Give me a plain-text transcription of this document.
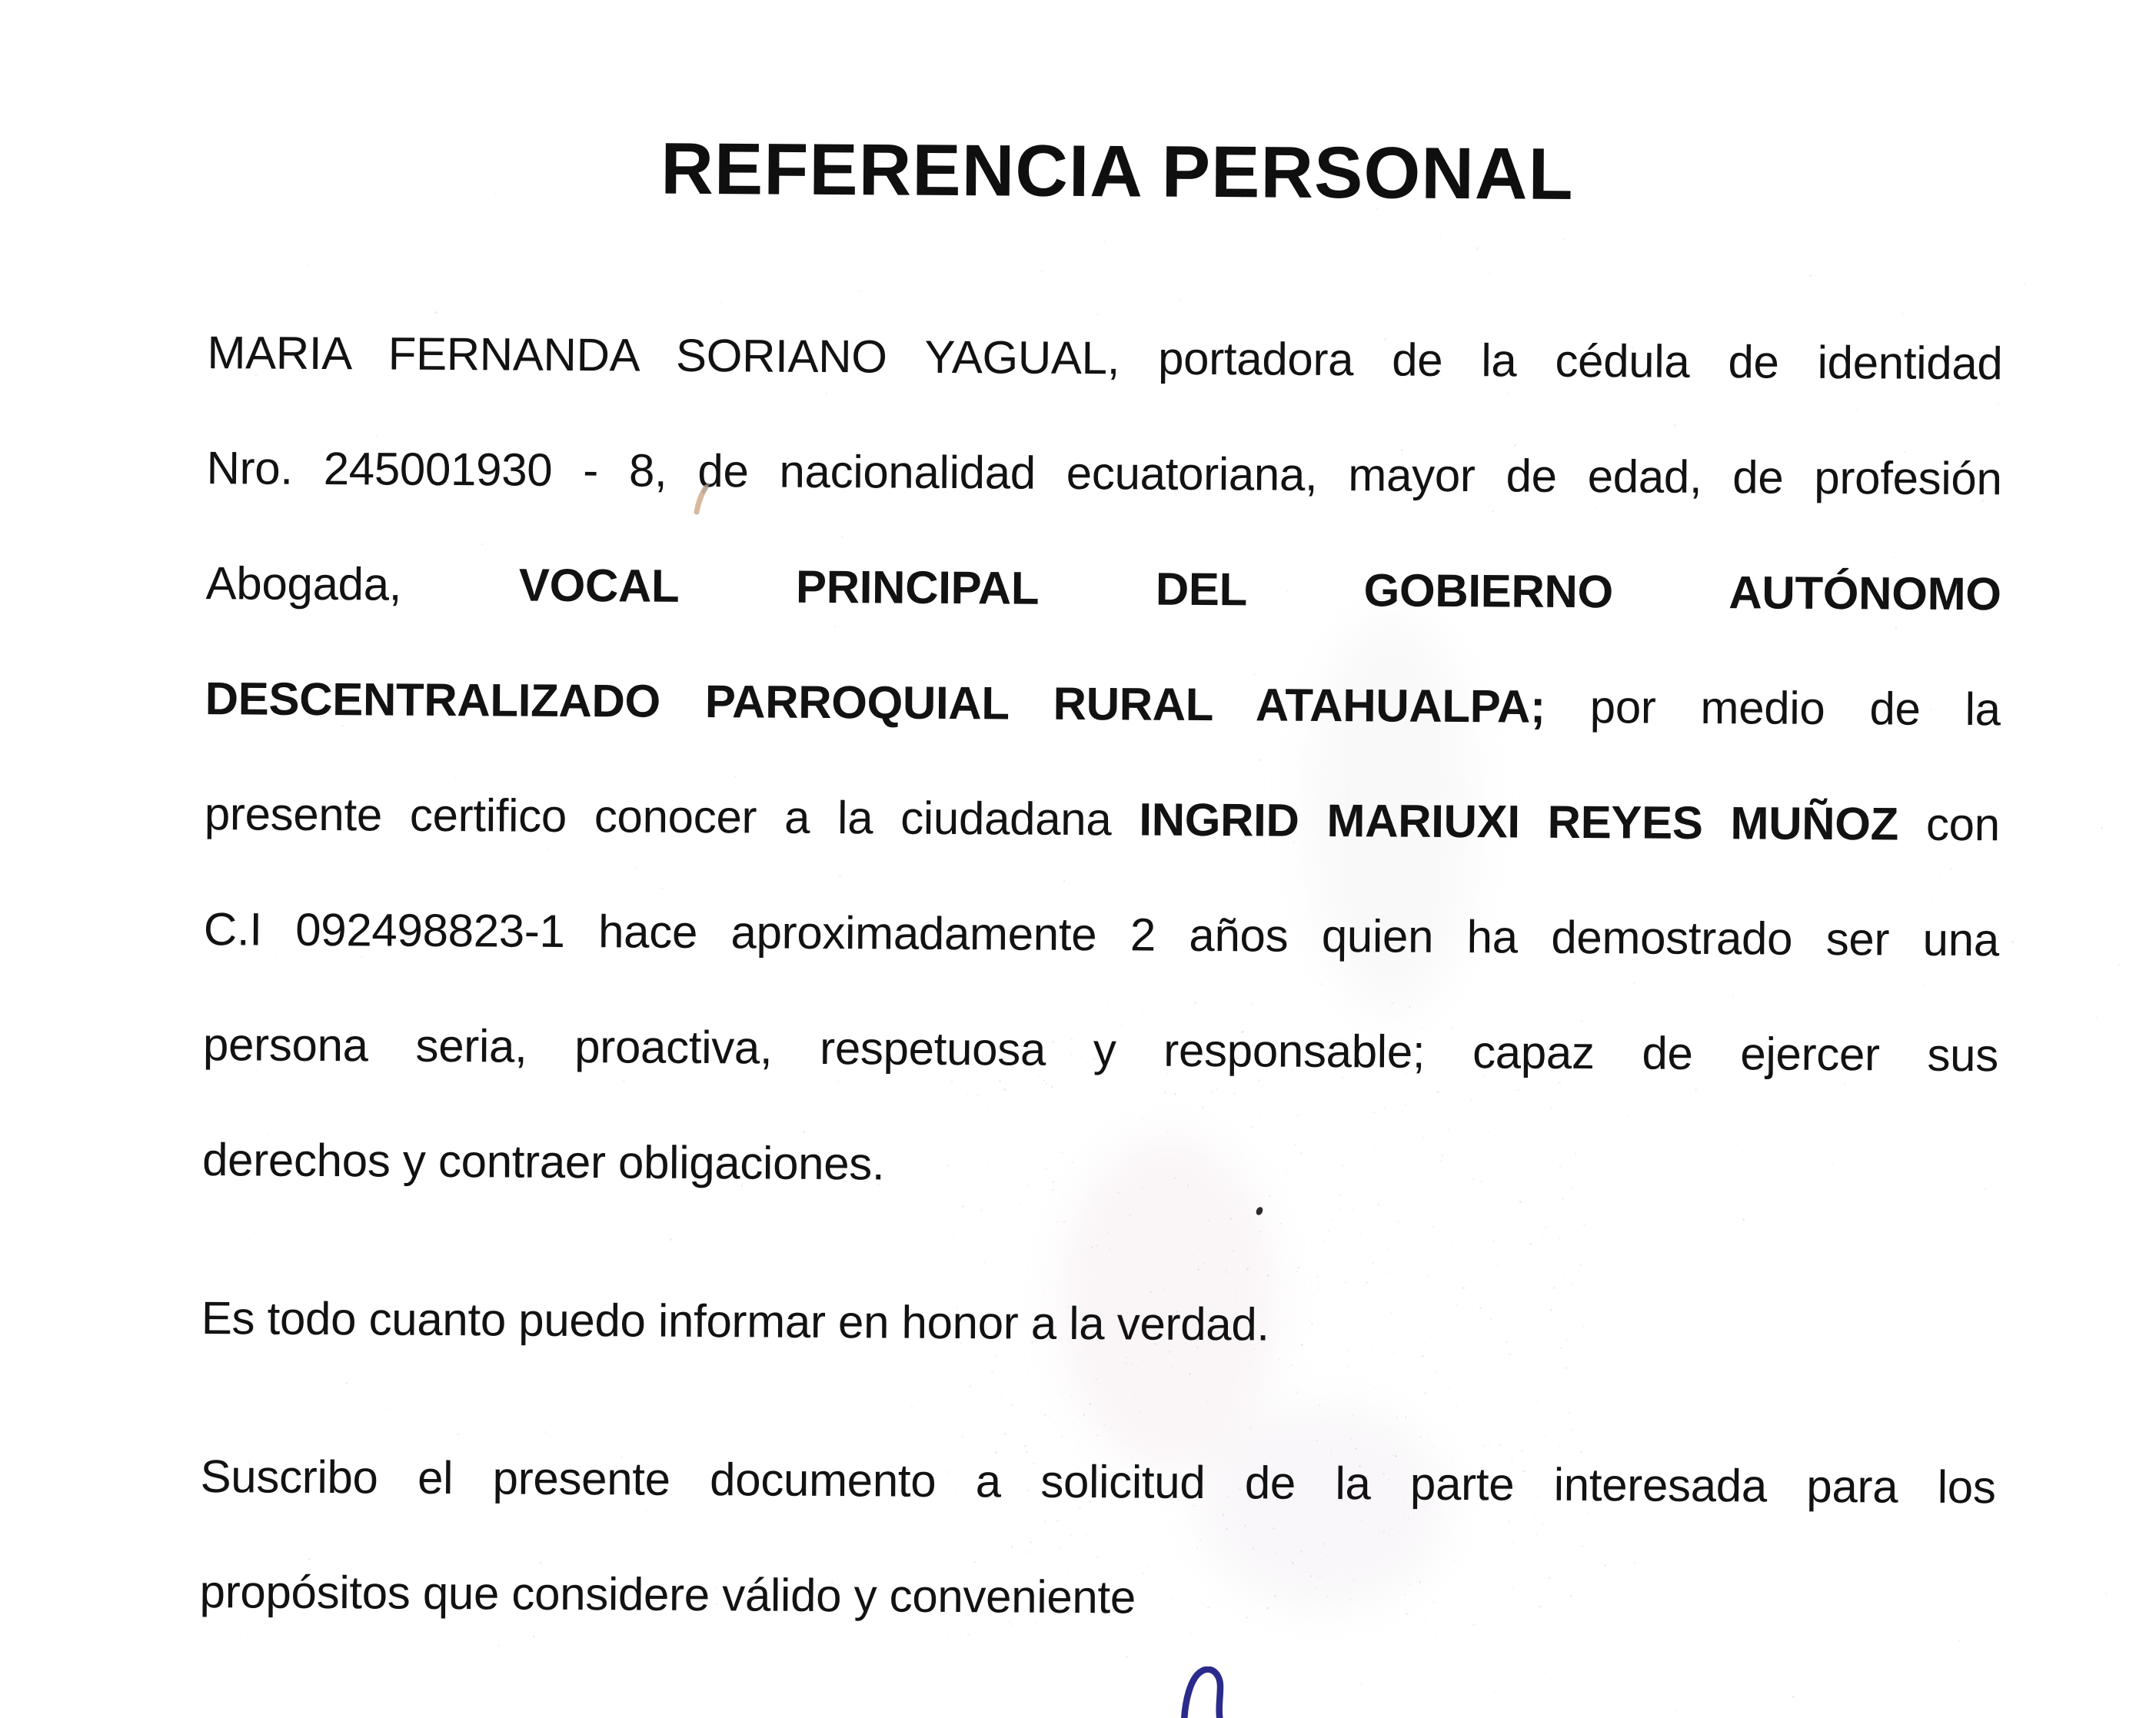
REFERENCIA PERSONAL
MARIA FERNANDA SORIANO YAGUAL, portadora de la cédula de identidad
Nro. 245001930 - 8, de nacionalidad ecuatoriana, mayor de edad, de profesión
Abogada, VOCAL PRINCIPAL DEL GOBIERNO AUTÓNOMO
DESCENTRALIZADO PARROQUIAL RURAL ATAHUALPA; por medio de la
presente certifico conocer a la ciudadana INGRID MARIUXI REYES MUÑOZ con
C.I 092498823-1 hace aproximadamente 2 años quien ha demostrado ser una
persona seria, proactiva, respetuosa y responsable; capaz de ejercer sus
derechos y contraer obligaciones.
Es todo cuanto puedo informar en honor a la verdad.
Suscribo el presente documento a solicitud de la parte interesada para los
propósitos que considere válido y conveniente
